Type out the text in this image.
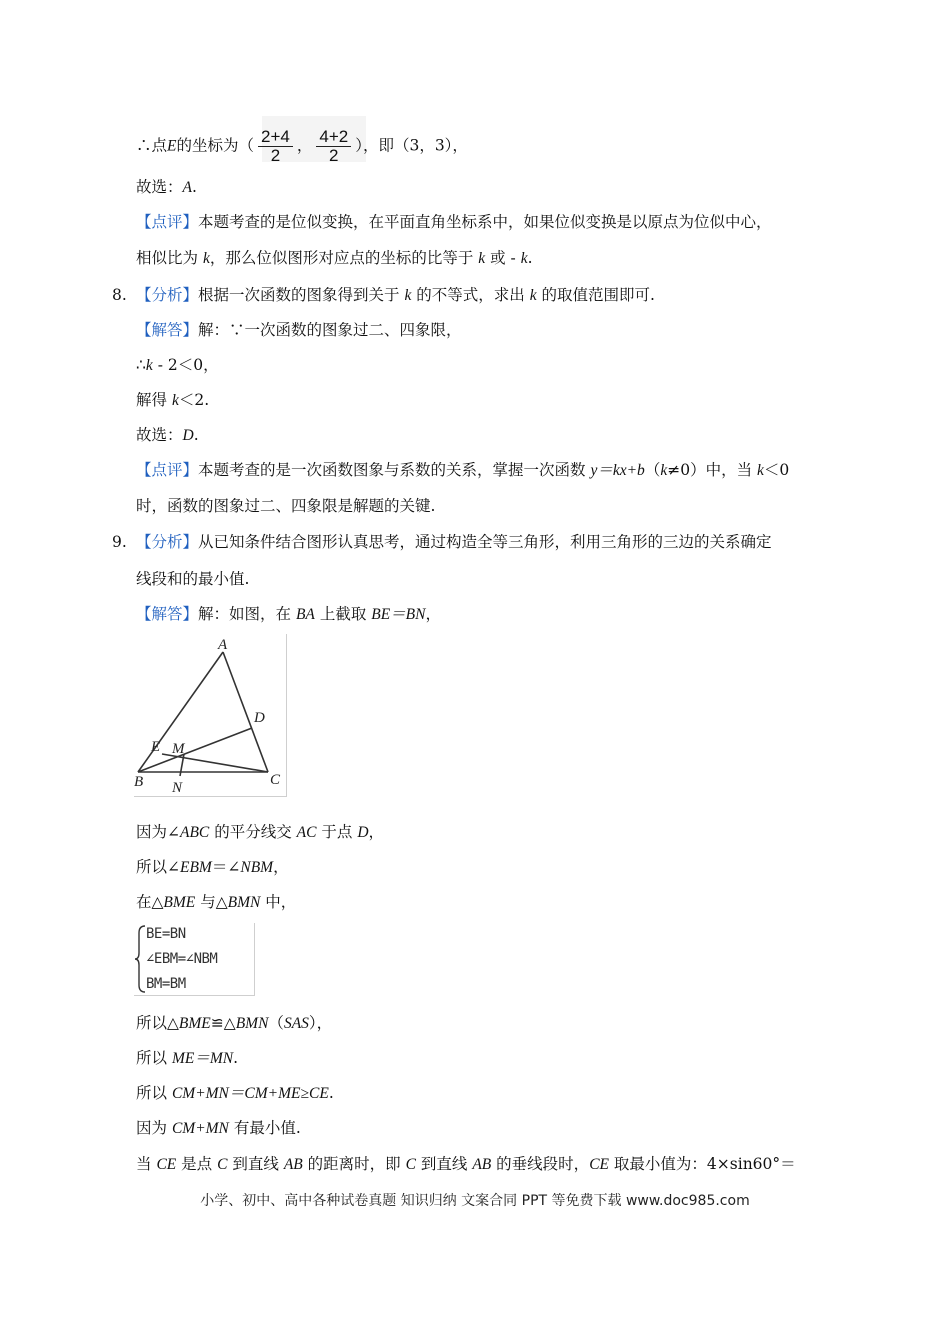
∴点E的坐标为（ $\frac{2+4}{2}$ ， $\frac{4+2}{2}$ ），即（3，3），
故选：A.
【点评】本题考查的是位似变换，在平面直角坐标系中，如果位似变换是以原点为位似中心，
相似比为 k，那么位似图形对应点的坐标的比等于 k 或 - k.
8. 【分析】根据一次函数的图象得到关于 k 的不等式，求出 k 的取值范围即可.
【解答】解：∵一次函数的图象过二、四象限，
∴k - 2＜0，
解得 k＜2.
故选：D.
【点评】本题考查的是一次函数图象与系数的关系，掌握一次函数 y＝kx+b（k≠0）中，当 k＜0
时，函数的图象过二、四象限是解题的关键.
9. 【分析】从已知条件结合图形认真思考，通过构造全等三角形，利用三角形的三边的关系确定
线段和的最小值.
【解答】解：如图，在 BA 上截取 BE＝BN，
A
B	C
D
E M
N
因为∠ABC 的平分线交 AC 于点 D，
所以∠EBM＝∠NBM，
在△BME 与△BMN 中，
BE=BN
∠EBM=∠NBM
BM=BM
所以△BME≌△BMN（SAS），
所以 ME＝MN.
所以 CM+MN＝CM+ME≥CE.
因为 CM+MN 有最小值.
当 CE 是点 C 到直线 AB 的距离时，即 C 到直线 AB 的垂线段时，CE 取最小值为：4×sin60°＝
小学、初中、高中各种试卷真题 知识归纳 文案合同 PPT 等免费下载 www.doc985.com
